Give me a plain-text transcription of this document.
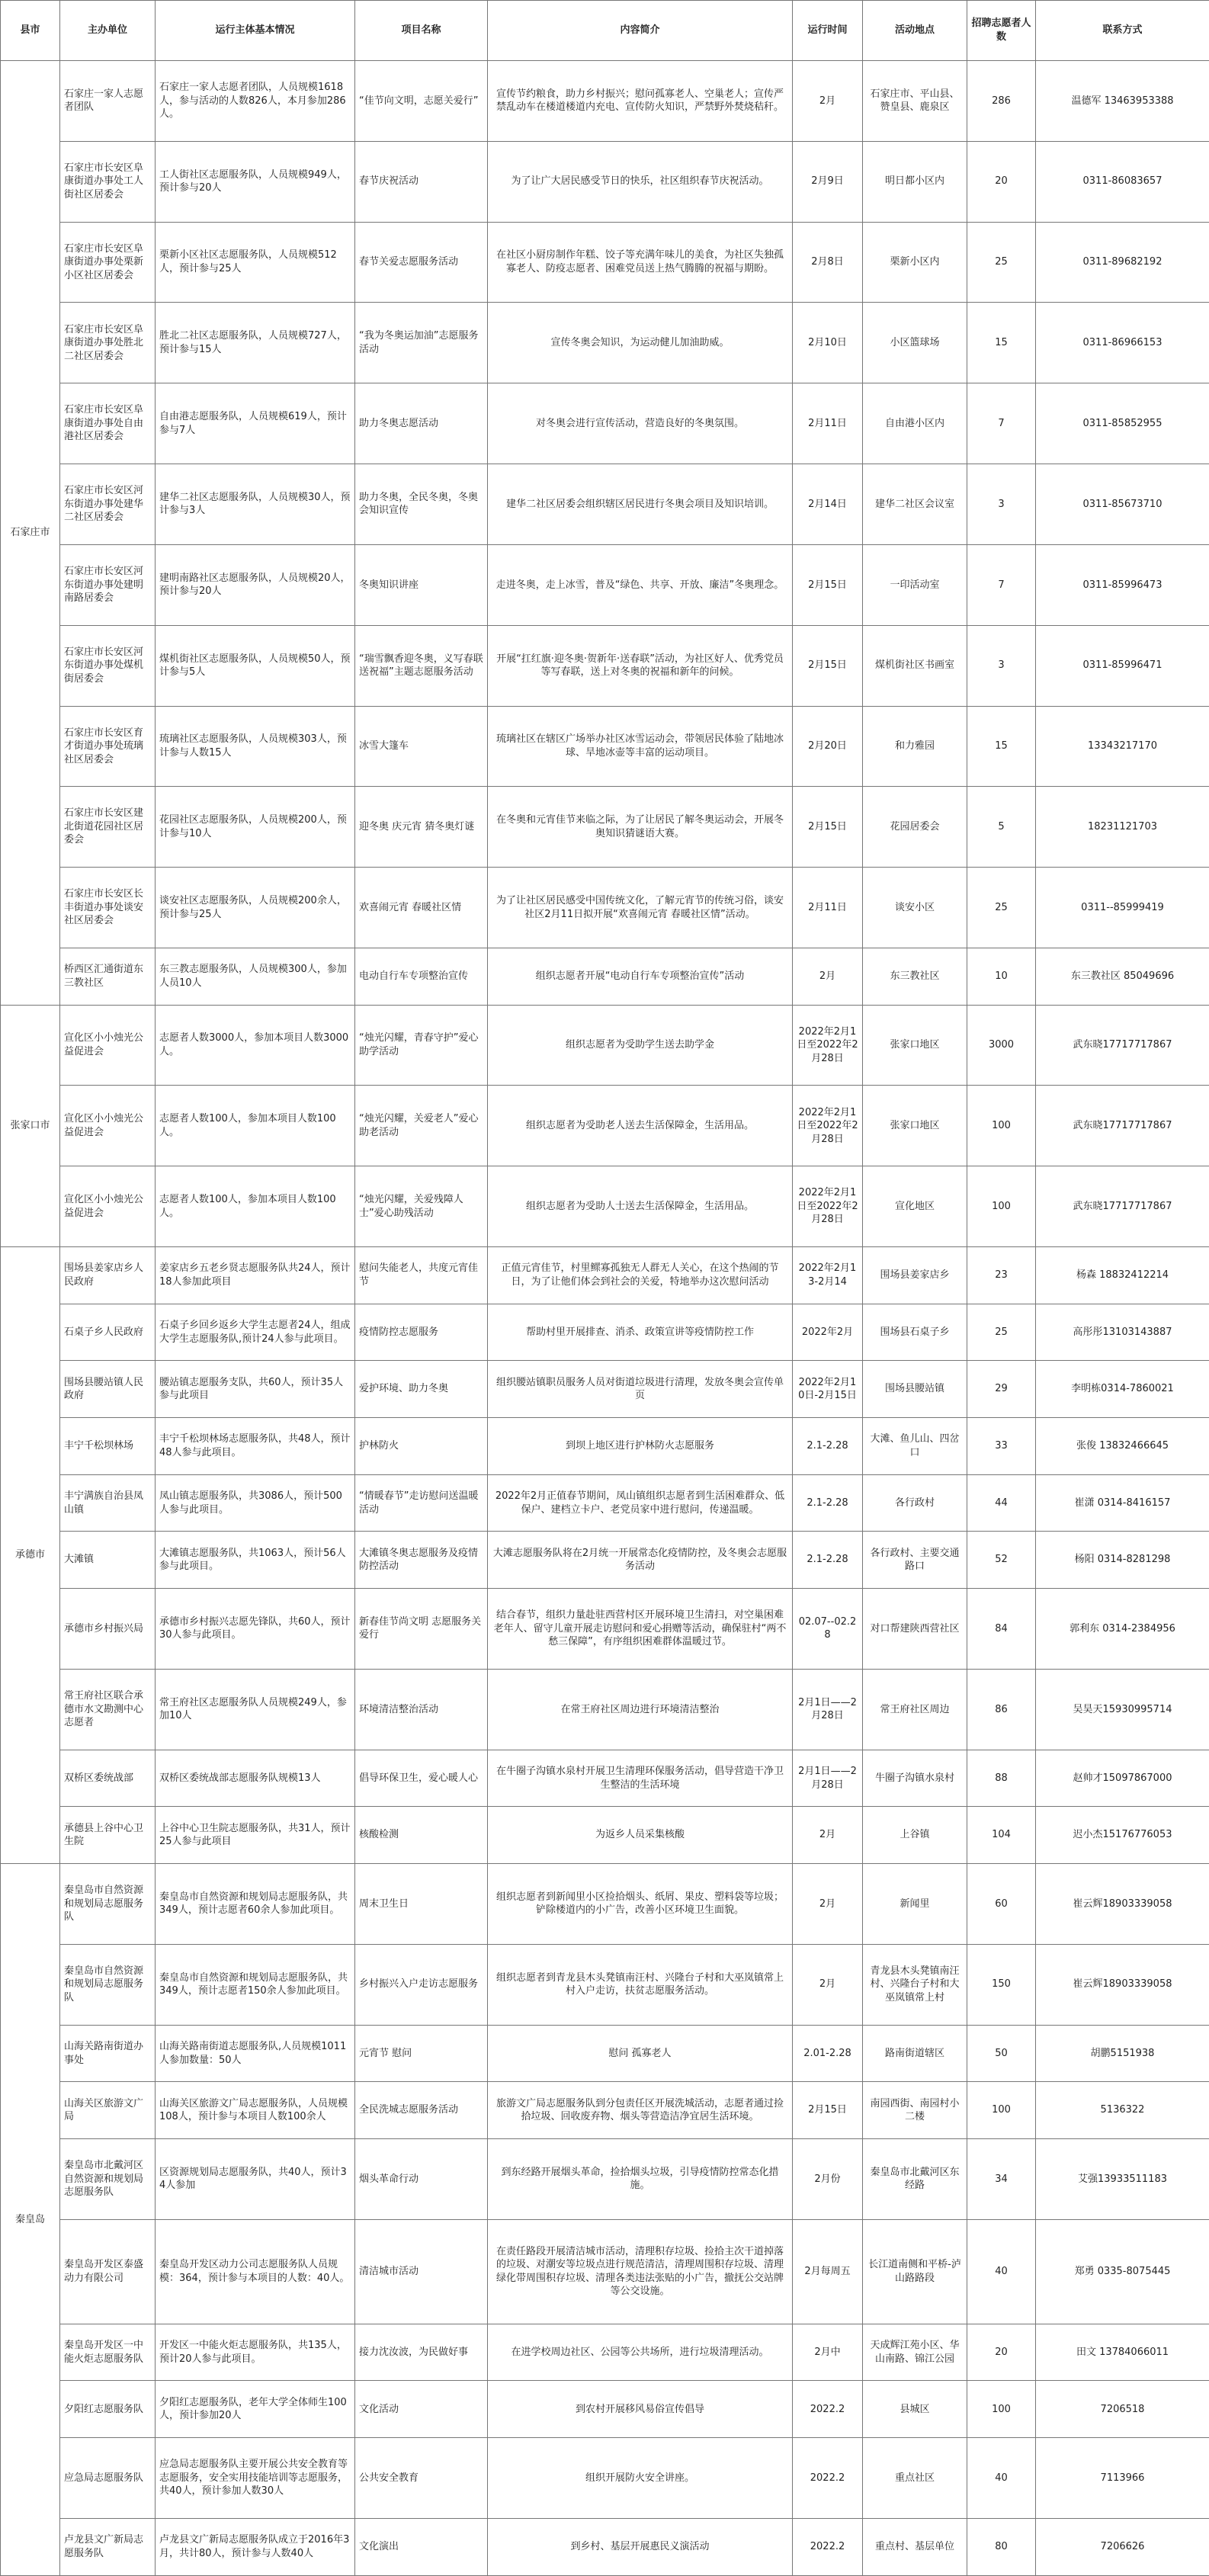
县市	主办单位	运行主体基本情况	项目名称	内容简介	运行时间	活动地点	招聘志愿者人数	联系方式
石家庄市	石家庄一家人志愿者团队	石家庄一家人志愿者团队，人员规模1618人，参与活动的人数826人，本月参加286人。	“佳节向文明，志愿关爱行”	宣传节约粮食，助力乡村振兴；慰问孤寡老人、空巢老人；宣传严禁乱动车在楼道楼道内充电、宣传防火知识，严禁野外焚烧秸秆。	2月	石家庄市、平山县、赞皇县、鹿泉区	286	温德军 13463953388
	石家庄市长安区阜康街道办事处工人街社区居委会	工人街社区志愿服务队，人员规模949人，预计参与20人	春节庆祝活动	为了让广大居民感受节日的快乐，社区组织春节庆祝活动。	2月9日	明日都小区内	20	0311-86083657
	石家庄市长安区阜康街道办事处栗新小区社区居委会	栗新小区社区志愿服务队，人员规模512人，预计参与25人	春节关爱志愿服务活动	在社区小厨房制作年糕、饺子等充满年味儿的美食，为社区失独孤寡老人、防疫志愿者、困难党员送上热气腾腾的祝福与期盼。	2月8日	栗新小区内	25	0311-89682192
	石家庄市长安区阜康街道办事处胜北二社区居委会	胜北二社区志愿服务队，人员规模727人，预计参与15人	“我为冬奥运加油”志愿服务活动	宣传冬奥会知识，为运动健儿加油助威。	2月10日	小区篮球场	15	0311-86966153
	石家庄市长安区阜康街道办事处自由港社区居委会	自由港志愿服务队，人员规模619人，预计参与7人	助力冬奥志愿活动	对冬奥会进行宣传活动，营造良好的冬奥氛围。	2月11日	自由港小区内	7	0311-85852955
	石家庄市长安区河东街道办事处建华二社区居委会	建华二社区志愿服务队，人员规模30人，预计参与3人	助力冬奥，全民冬奥，冬奥会知识宣传	建华二社区居委会组织辖区居民进行冬奥会项目及知识培训。	2月14日	建华二社区会议室	3	0311-85673710
	石家庄市长安区河东街道办事处建明南路居委会	建明南路社区志愿服务队，人员规模20人，预计参与20人	冬奥知识讲座	走进冬奥，走上冰雪，普及“绿色、共享、开放、廉洁”冬奥理念。	2月15日	一印活动室	7	0311-85996473
	石家庄市长安区河东街道办事处煤机街居委会	煤机街社区志愿服务队，人员规模50人，预计参与5人	“瑞雪飘香迎冬奥，义写春联送祝福”主题志愿服务活动	开展“扛红旗·迎冬奥·贺新年·送春联”活动，为社区好人、优秀党员等写春联，送上对冬奥的祝福和新年的问候。	2月15日	煤机街社区书画室	3	0311-85996471
	石家庄市长安区育才街道办事处琉璃社区居委会	琉璃社区志愿服务队，人员规模303人，预计参与人数15人	冰雪大篷车	琉璃社区在辖区广场举办社区冰雪运动会，带领居民体验了陆地冰球、旱地冰壶等丰富的运动项目。	2月20日	和力雅园	15	13343217170
	石家庄市长安区建北街道花园社区居委会	花园社区志愿服务队，人员规模200人，预计参与10人	迎冬奥 庆元宵 猜冬奥灯谜	在冬奥和元宵佳节来临之际，为了让居民了解冬奥运动会，开展冬奥知识猜谜语大赛。	2月15日	花园居委会	5	18231121703
	石家庄市长安区长丰街道办事处谈安社区居委会	谈安社区志愿服务队，人员规模200余人，预计参与25人	欢喜闹元宵 春暖社区情	为了让社区居民感受中国传统文化，了解元宵节的传统习俗，谈安社区2月11日拟开展“欢喜闹元宵 春暖社区情”活动。	2月11日	谈安小区	25	0311--85999419
	桥西区汇通街道东三教社区	东三教志愿服务队，人员规模300人，参加人员10人	电动自行车专项整治宣传	组织志愿者开展“电动自行车专项整治宣传”活动	2月	东三教社区	10	东三教社区 85049696
张家口市	宣化区小小烛光公益促进会	志愿者人数3000人，参加本项目人数3000人。	“烛光闪耀，青春守护”爱心助学活动	组织志愿者为受助学生送去助学金	2022年2月1日至2022年2月28日	张家口地区	3000	武东晓17717717867
	宣化区小小烛光公益促进会	志愿者人数100人，参加本项目人数100人。	“烛光闪耀，关爱老人”爱心助老活动	组织志愿者为受助老人送去生活保障金，生活用品。	2022年2月1日至2022年2月28日	张家口地区	100	武东晓17717717867
	宣化区小小烛光公益促进会	志愿者人数100人，参加本项目人数100人。	“烛光闪耀，关爱残障人士”爱心助残活动	组织志愿者为受助人士送去生活保障金，生活用品。	2022年2月1日至2022年2月28日	宣化地区	100	武东晓17717717867
承德市	围场县姜家店乡人民政府	姜家店乡五老乡贤志愿服务队共24人，预计18人参加此项目	慰问失能老人，共度元宵佳节	正值元宵佳节，村里鳏寡孤独无人群无人关心，在这个热闹的节日，为了让他们体会到社会的关爱，特地举办这次慰问活动	2022年2月13-2月14	围场县姜家店乡	23	杨森 18832412214
	石桌子乡人民政府	石桌子乡回乡返乡大学生志愿者24人，组成大学生志愿服务队,预计24人参与此项目。	疫情防控志愿服务	帮助村里开展排查、消杀、政策宣讲等疫情防控工作	2022年2月	围场县石桌子乡	25	高彤彤13103143887
	围场县腰站镇人民政府	腰站镇志愿服务支队，共60人，预计35人参与此项目	爱护环境、助力冬奥	组织腰站镇职员服务人员对街道垃圾进行清理，发放冬奥会宣传单页	2022年2月10日-2月15日	围场县腰站镇	29	李明栋0314-7860021
	丰宁千松坝林场	丰宁千松坝林场志愿服务队，共48人，预计48人参与此项目。	护林防火	到坝上地区进行护林防火志愿服务	2.1-2.28	大滩、鱼儿山、四岔口	33	张俊 13832466645
	丰宁满族自治县凤山镇	凤山镇志愿服务队，共3086人，预计500人参与此项目。	“情暖春节”走访慰问送温暖活动	2022年2月正值春节期间，凤山镇组织志愿者到生活困难群众、低保户、建档立卡户、老党员家中进行慰问，传递温暖。	2.1-2.28	各行政村	44	崔潇 0314-8416157
	大滩镇	大滩镇志愿服务队，共1063人，预计56人参与此项目。	大滩镇冬奥志愿服务及疫情防控活动	大滩志愿服务队将在2月统一开展常态化疫情防控，及冬奥会志愿服务活动	2.1-2.28	各行政村、主要交通路口	52	杨阳 0314-8281298
	承德市乡村振兴局	承德市乡村振兴志愿先锋队，共60人，预计30人参与此项目。	新春佳节尚文明 志愿服务关爱行	结合春节，组织力量赴驻西营村区开展环境卫生清扫，对空巢困难老年人、留守儿童开展走访慰问和爱心捐赠等活动，确保驻村“两不愁三保障”，有序组织困难群体温暖过节。	02.07--02.28	对口帮建陕西营社区	84	郭利东 0314-2384956
	常王府社区联合承德市水文勘测中心志愿者	常王府社区志愿服务队人员规模249人，参加10人	环境清洁整治活动	在常王府社区周边进行环境清洁整治	2月1日——2月28日	常王府社区周边	86	吴昊天15930995714
	双桥区委统战部	双桥区委统战部志愿服务队规模13人	倡导环保卫生，爱心暖人心	在牛圈子沟镇水泉村开展卫生清理环保服务活动，倡导营造干净卫生整洁的生活环境	2月1日——2月28日	牛圈子沟镇水泉村	88	赵帅才15097867000
	承德县上谷中心卫生院	上谷中心卫生院志愿服务队，共31人，预计25人参与此项目	核酸检测	为返乡人员采集核酸	2月	上谷镇	104	迟小杰15176776053
秦皇岛	秦皇岛市自然资源和规划局志愿服务队	秦皇岛市自然资源和规划局志愿服务队，共349人，预计志愿者60余人参加此项目。	周末卫生日	组织志愿者到新闻里小区捡拾烟头、纸屑、果皮、塑料袋等垃圾；铲除楼道内的小广告，改善小区环境卫生面貌。	2月	新闻里	60	崔云辉18903339058
	秦皇岛市自然资源和规划局志愿服务队	秦皇岛市自然资源和规划局志愿服务队，共349人，预计志愿者150余人参加此项目。	乡村振兴入户走访志愿服务	组织志愿者到青龙县木头凳镇南汪村、兴隆台子村和大巫岚镇常上村入户走访，扶贫志愿服务活动。	2月	青龙县木头凳镇南汪村、兴隆台子村和大巫岚镇常上村	150	崔云辉18903339058
	山海关路南街道办事处	山海关路南街道志愿服务队,人员规模1011人参加数量：50人	元宵节 慰问	慰问 孤寡老人	2.01-2.28	路南街道辖区	50	胡鹏5151938
	山海关区旅游文广局	山海关区旅游文广局志愿服务队，人员规模108人，预计参与本项目人数100余人	全民洗城志愿服务活动	旅游文广局志愿服务队到分包责任区开展洗城活动，志愿者通过捡拾垃圾、回收废弃物、烟头等营造洁净宜居生活环境。	2月15日	南园西街、南园村小二楼	100	5136322
	秦皇岛市北戴河区自然资源和规划局志愿服务队	区资源规划局志愿服务队，共40人，预计34人参加	烟头革命行动	到东经路开展烟头革命，捡拾烟头垃圾，引导疫情防控常态化措施。	2月份	秦皇岛市北戴河区东经路	34	艾强13933511183
	秦皇岛开发区泰盛动力有限公司	秦皇岛开发区动力公司志愿服务队人员规模：364，预计参与本项目的人数：40人。	清洁城市活动	在责任路段开展清洁城市活动，清理积存垃圾、捡拾主次干道掉落的垃圾、对潮安等垃圾点进行规范清洁，清理周围积存垃圾、清理绿化带周围积存垃圾、清理各类违法张贴的小广告，撤抚公交站牌等公交设施。	2月每周五	长江道南侧和平桥-泸山路路段	40	郑勇 0335-8075445
	秦皇岛开发区一中能火炬志愿服务队	开发区一中能火炬志愿服务队，共135人，预计20人参与此项目。	接力沈汝波，为民做好事	在进学校周边社区、公园等公共场所，进行垃圾清理活动。	2月中	天成辉江苑小区、华山南路、锦江公园	20	田文 13784066011
	夕阳红志愿服务队	夕阳红志愿服务队，老年大学全体师生100人，预计参加20人	文化活动	到农村开展移风易俗宣传倡导	2022.2	县城区	100	7206518
	应急局志愿服务队	应急局志愿服务队主要开展公共安全教育等志愿服务，安全实用技能培训等志愿服务，共40人，预计参加人数30人	公共安全教育	组织开展防火安全讲座。	2022.2	重点社区	40	7113966
	卢龙县文广新局志愿服务队	卢龙县文广新局志愿服务队成立于2016年3月，共计80人，预计参与人数40人	文化演出	到乡村、基层开展惠民义演活动	2022.2	重点村、基层单位	80	7206626
